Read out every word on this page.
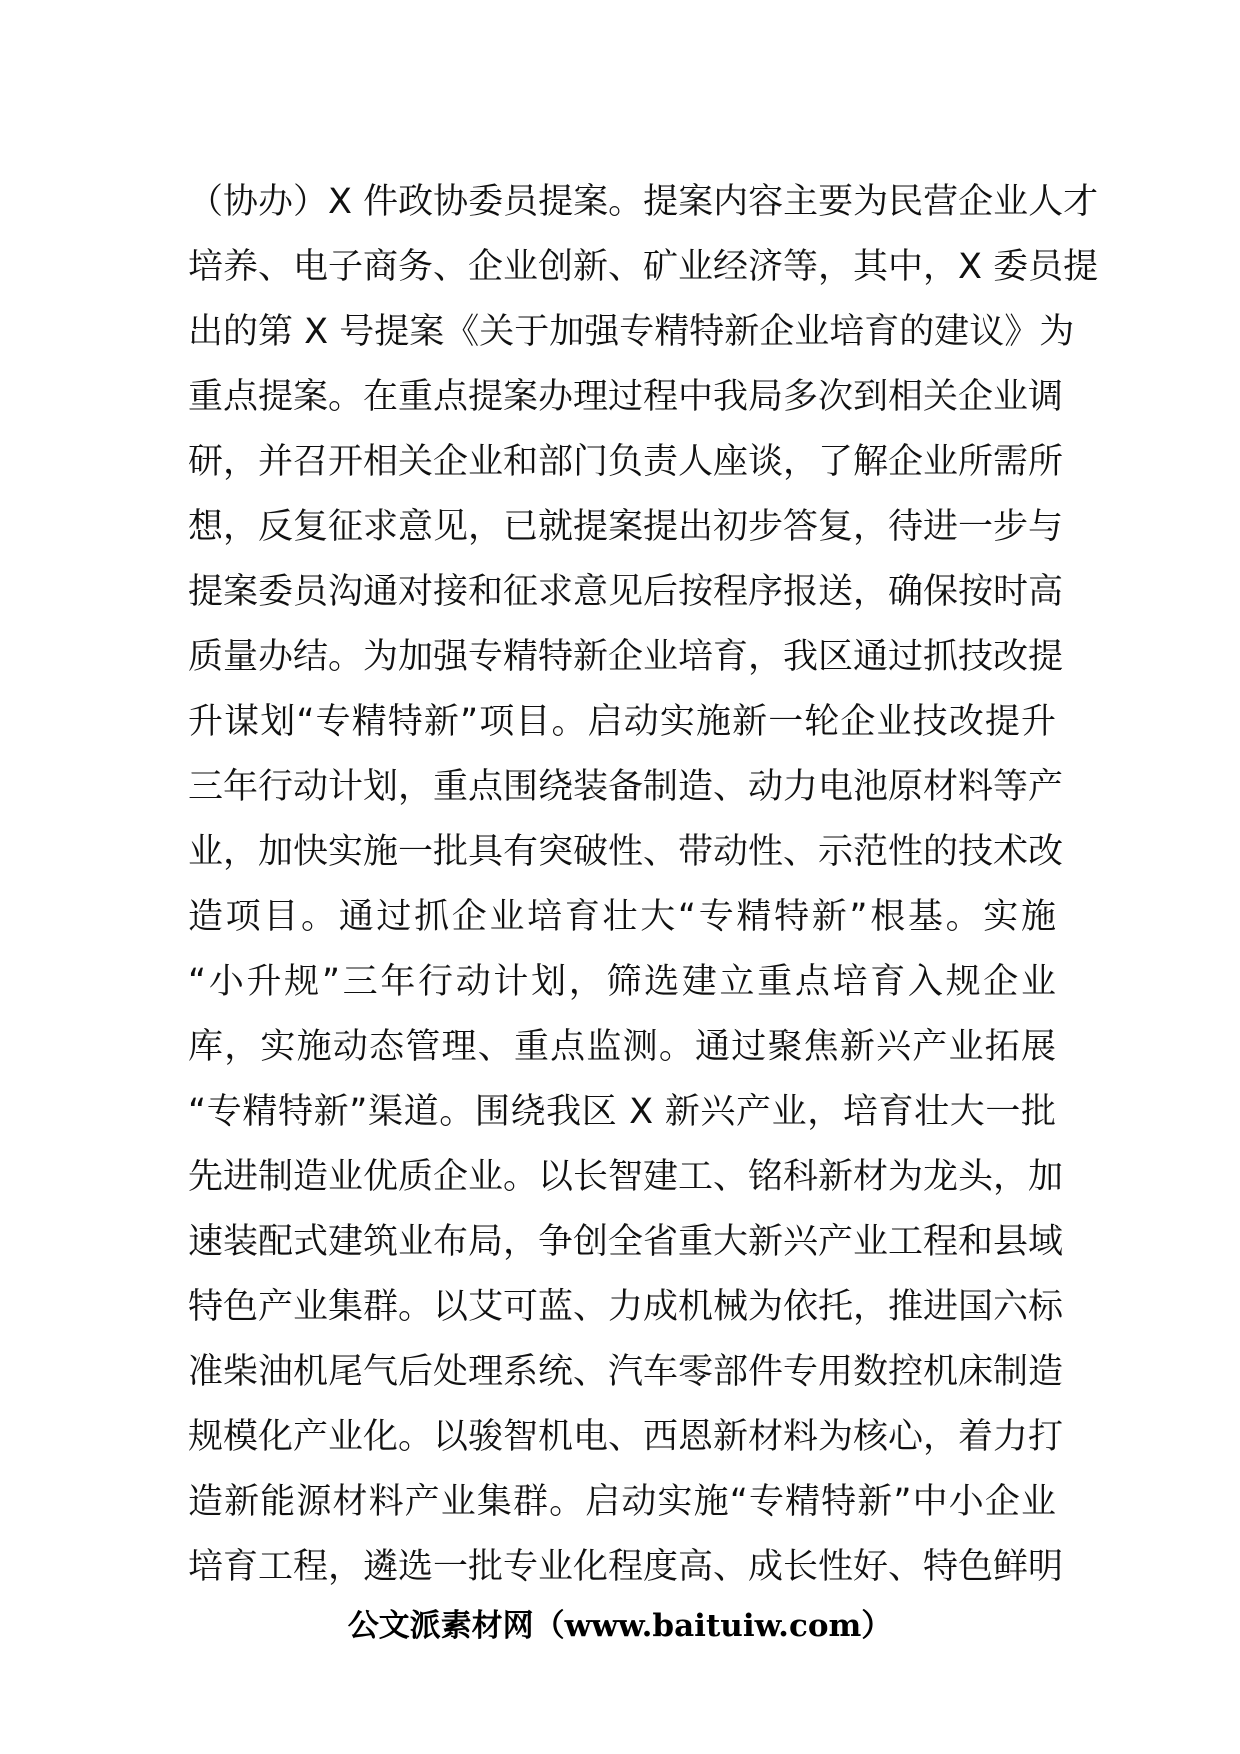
（协办）X 件政协委员提案。提案内容主要为民营企业人才
培养、电子商务、企业创新、矿业经济等，其中，X 委员提
出的第 X 号提案《关于加强专精特新企业培育的建议》为
重点提案。在重点提案办理过程中我局多次到相关企业调
研，并召开相关企业和部门负责人座谈，了解企业所需所
想，反复征求意见，已就提案提出初步答复，待进一步与
提案委员沟通对接和征求意见后按程序报送，确保按时高
质量办结。为加强专精特新企业培育，我区通过抓技改提
升谋划“专精特新”项目。启动实施新一轮企业技改提升
三年行动计划，重点围绕装备制造、动力电池原材料等产
业，加快实施一批具有突破性、带动性、示范性的技术改
造项目。通过抓企业培育壮大“专精特新”根基。实施
“小升规”三年行动计划，筛选建立重点培育入规企业
库，实施动态管理、重点监测。通过聚焦新兴产业拓展
“专精特新”渠道。围绕我区 X 新兴产业，培育壮大一批
先进制造业优质企业。以长智建工、铭科新材为龙头，加
速装配式建筑业布局，争创全省重大新兴产业工程和县域
特色产业集群。以艾可蓝、力成机械为依托，推进国六标
准柴油机尾气后处理系统、汽车零部件专用数控机床制造
规模化产业化。以骏智机电、西恩新材料为核心，着力打
造新能源材料产业集群。启动实施“专精特新”中小企业
培育工程，遴选一批专业化程度高、成长性好、特色鲜明
公文派素材网（www.baituiw.com）
